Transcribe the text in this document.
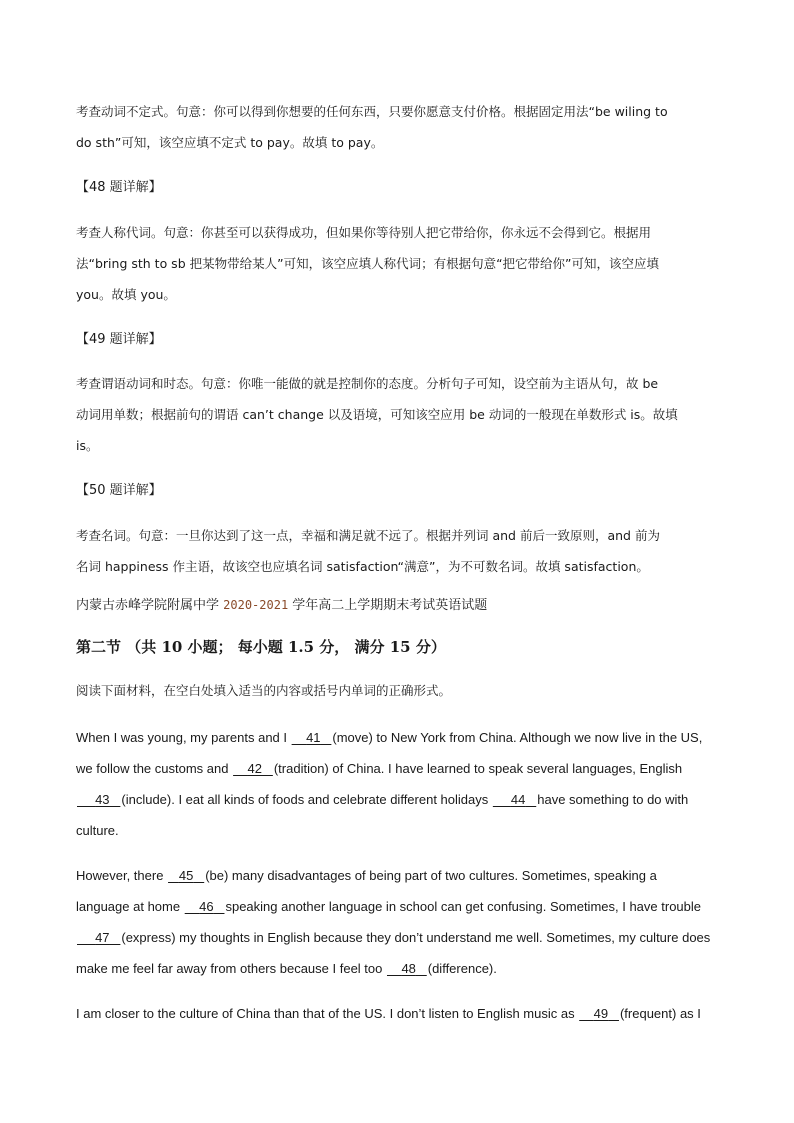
考查动词不定式。句意：你可以得到你想要的任何东西，只要你愿意支付价格。根据固定用法“be wiling to
do sth”可知，该空应填不定式 to pay。故填 to pay。
【48 题详解】
考查人称代词。句意：你甚至可以获得成功，但如果你等待别人把它带给你，你永远不会得到它。根据用
法“bring sth to sb 把某物带给某人”可知，该空应填人称代词；有根据句意“把它带给你”可知，该空应填
you。故填 you。
【49 题详解】
考查谓语动词和时态。句意：你唯一能做的就是控制你的态度。分析句子可知，设空前为主语从句，故 be
动词用单数；根据前句的谓语 can’t change 以及语境，可知该空应用 be 动词的一般现在单数形式 is。故填
is。
【50 题详解】
考查名词。句意：一旦你达到了这一点，幸福和满足就不远了。根据并列词 and 前后一致原则，and 前为
名词 happiness 作主语，故该空也应填名词 satisfaction“满意”，为不可数名词。故填 satisfaction。
内蒙古赤峰学院附属中学 2020-2021 学年高二上学期期末考试英语试题
第二节 （共 10 小题； 每小题 1.5 分， 满分 15 分）
阅读下面材料，在空白处填入适当的内容或括号内单词的正确形式。
When I was young, my parents and I     41 (move) to New York from China. Although we now live in the US,
we follow the customs and     42 (tradition) of China. I have learned to speak several languages, English
43 (include). I eat all kinds of foods and celebrate different holidays      44 have something to do with
culture.
However, there    45 (be) many disadvantages of being part of two cultures. Sometimes, speaking a
language at home     46 speaking another language in school can get confusing. Sometimes, I have trouble
47 (express) my thoughts in English because they don’t understand me well. Sometimes, my culture does
make me feel far away from others because I feel too     48 (difference).
I am closer to the culture of China than that of the US. I don’t listen to English music as     49 (frequent) as I
